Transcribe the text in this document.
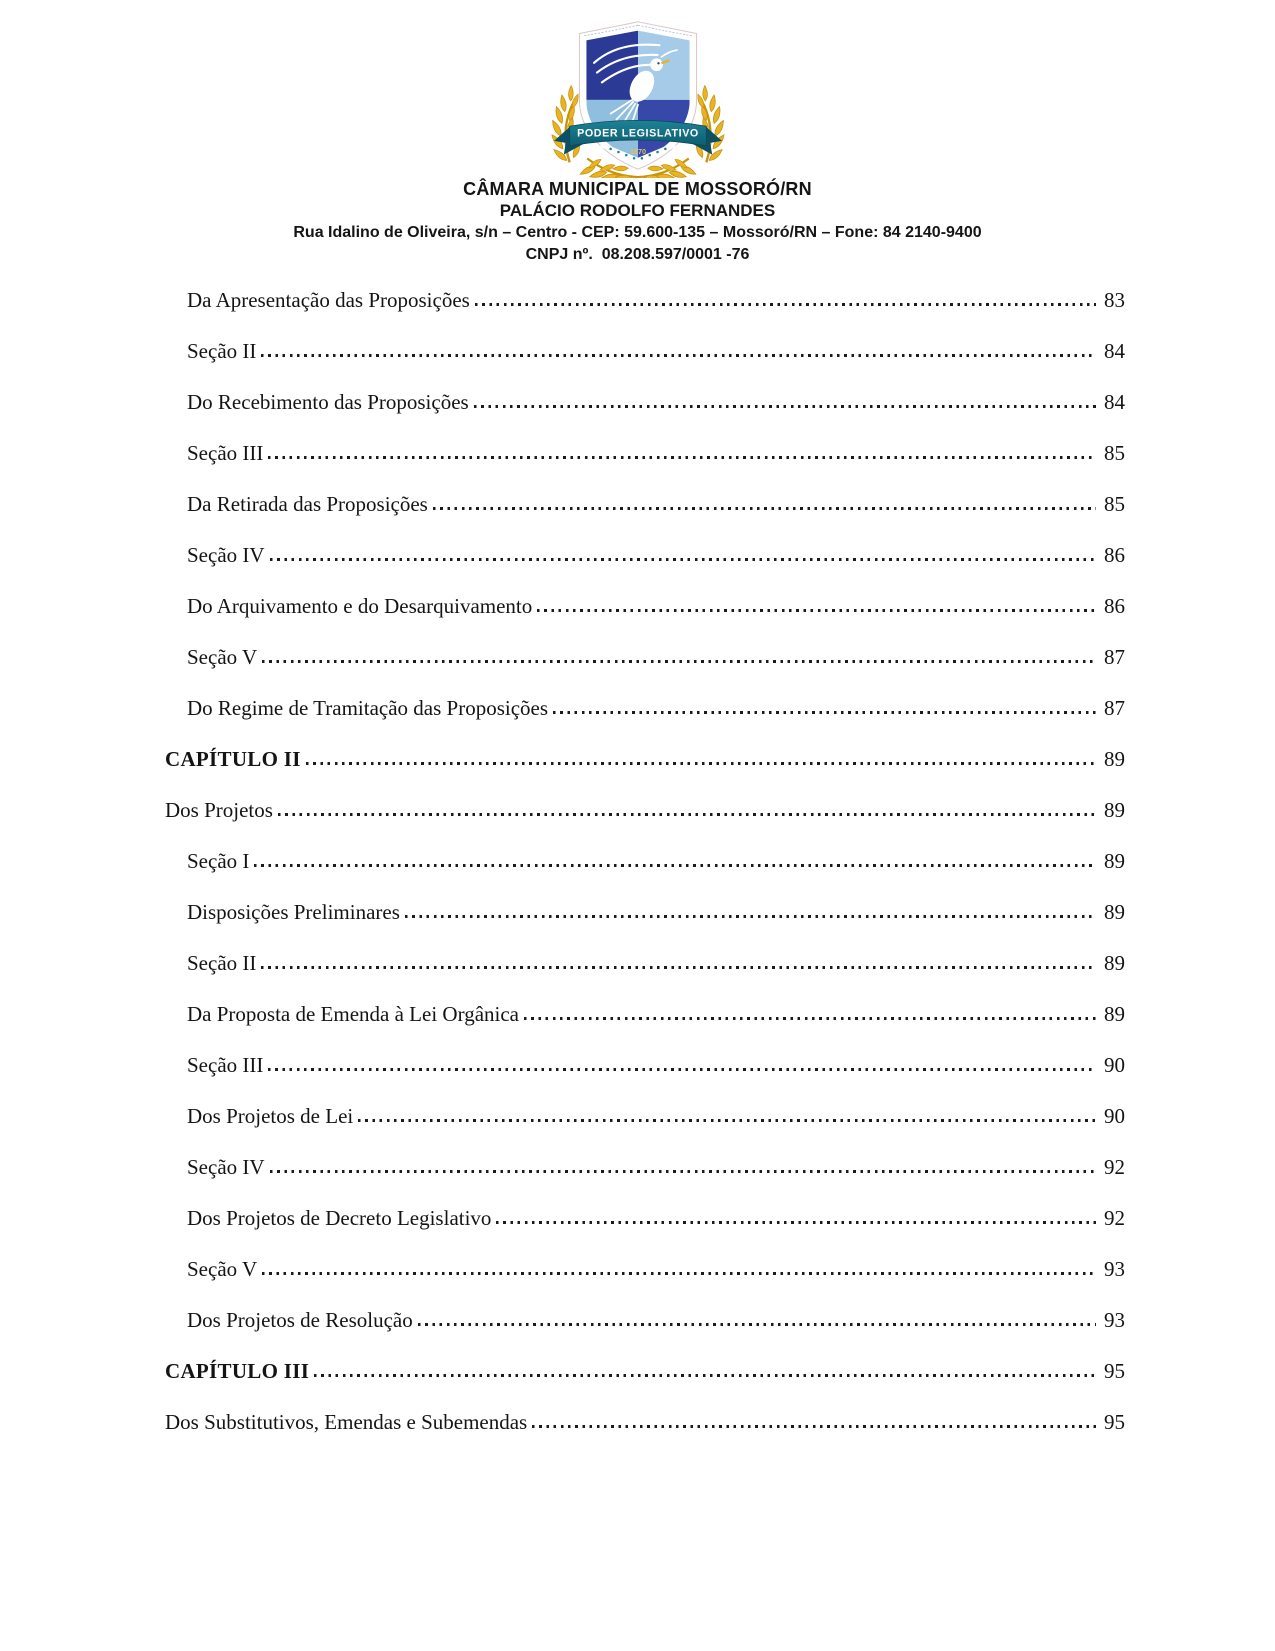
PODER LEGISLATIVO
1870
CÂMARA MUNICIPAL DE MOSSORÓ/RN
PALÁCIO RODOLFO FERNANDES
Rua Idalino de Oliveira, s/n – Centro - CEP: 59.600-135 – Mossoró/RN – Fone: 84 2140-9400
CNPJ nº.  08.208.597/0001 -76
Da Apresentação das Proposições	83
Seção II	84
Do Recebimento das Proposições	84
Seção III	85
Da Retirada das Proposições	85
Seção IV	86
Do Arquivamento e do Desarquivamento	86
Seção V	87
Do Regime de Tramitação das Proposições	87
CAPÍTULO II	89
Dos Projetos	89
Seção I	89
Disposições Preliminares	89
Seção II	89
Da Proposta de Emenda à Lei Orgânica	89
Seção III	90
Dos Projetos de Lei	90
Seção IV	92
Dos Projetos de Decreto Legislativo	92
Seção V	93
Dos Projetos de Resolução	93
CAPÍTULO III	95
Dos Substitutivos, Emendas e Subemendas	95
